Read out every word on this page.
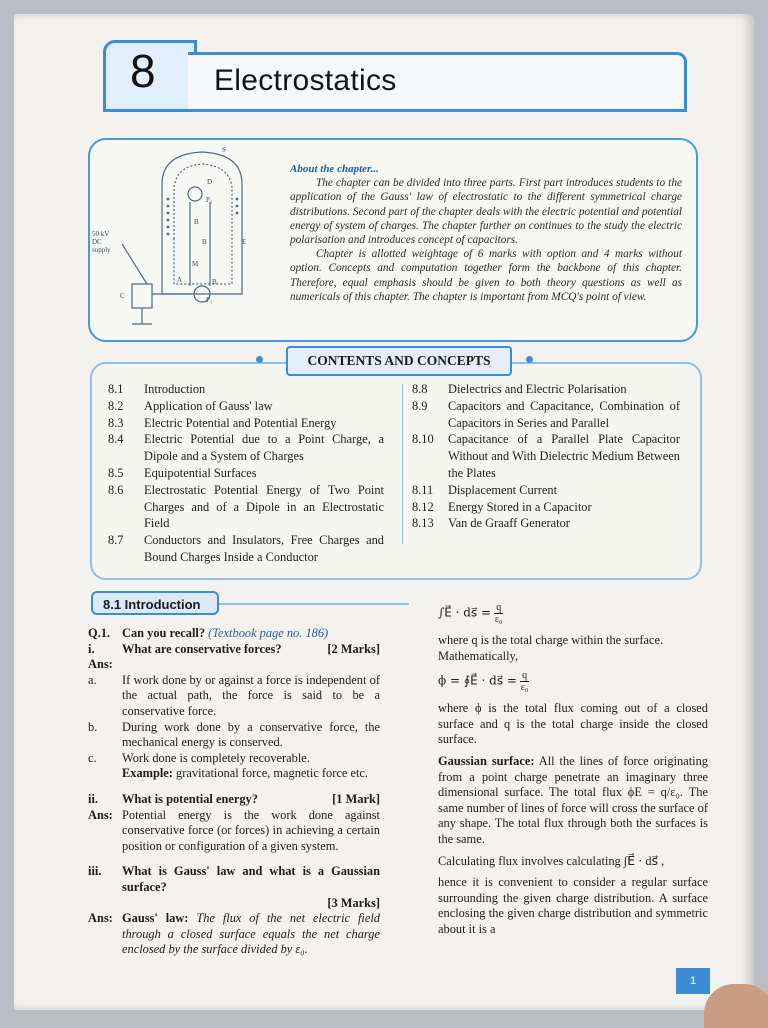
8 Electrostatics
50 kV
DC
supply
S
D
P₂
B
M
B	E
A
P₁
C
B
About the chapter...
The chapter can be divided into three parts. First part introduces students to the application of the Gauss' law of electrostatic to the different symmetrical charge distributions. Second part of the chapter deals with the electric potential and potential energy of system of charges. The chapter further on continues to the study the electric polarisation and introduces concept of capacitors.
Chapter is allotted weightage of 6 marks with option and 4 marks without option. Concepts and computation together form the backbone of this chapter. Therefore, equal emphasis should be given to both theory questions as well as numericals of this chapter. The chapter is important from MCQ's point of view.
CONTENTS AND CONCEPTS
8.1	Introduction
8.2	Application of Gauss' law
8.3	Electric Potential and Potential Energy
8.4	Electric Potential due to a Point Charge, a Dipole and a System of Charges
8.5	Equipotential Surfaces
8.6	Electrostatic Potential Energy of Two Point Charges and of a Dipole in an Electrostatic Field
8.7	Conductors and Insulators, Free Charges and Bound Charges Inside a Conductor
8.8	Dielectrics and Electric Polarisation
8.9	Capacitors and Capacitance, Combination of Capacitors in Series and Parallel
8.10	Capacitance of a Parallel Plate Capacitor Without and With Dielectric Medium Between the Plates
8.11	Displacement Current
8.12	Energy Stored in a Capacitor
8.13	Van de Graaff Generator
8.1 Introduction
Q.1. Can you recall? (Textbook page no. 186)
i.	What are conservative forces?	[2 Marks]
Ans:
a.	If work done by or against a force is independent of the actual path, the force is said to be a conservative force.
b.	During work done by a conservative force, the mechanical energy is conserved.
c.	Work done is completely recoverable.
Example: gravitational force, magnetic force etc.
ii.	What is potential energy?	[1 Mark]
Ans: Potential energy is the work done against conservative force (or forces) in achieving a certain position or configuration of a given system.
iii.	What is Gauss' law and what is a Gaussian surface?

[3 Marks]
Ans: Gauss' law: The flux of the net electric field through a closed surface equals the net charge enclosed by the surface divided by ε₀.
∫E⃗ · ds⃗ = $\frac{q}{\text{ε₀}}$
where q is the total charge within the surface.
Mathematically,
ϕ = ∮E⃗ · ds⃗ = $\frac{q}{\text{ε₀}}$
where ϕ is the total flux coming out of a closed surface and q is the total charge inside the closed surface.
Gaussian surface: All the lines of force originating from a point charge penetrate an imaginary three dimensional surface. The total flux ϕE = q/ε₀. The same number of lines of force will cross the surface of any shape. The total flux through both the surfaces is the same.
Calculating flux involves calculating ∫E⃗ · ds⃗ ,
hence it is convenient to consider a regular surface surrounding the given charge distribution. A surface enclosing the given charge distribution and symmetric about it is a
1
